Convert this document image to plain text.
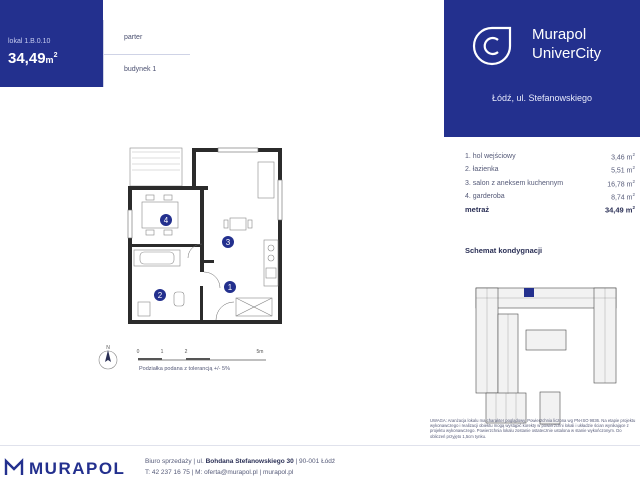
lokal 1.B.0.10
$34,49m^2$
parter
budynek 1
Murapol
UniverCity
Łódź, ul. Stefanowskiego
1. hol wejściowy	3,46 $m^2$
2. łazienka	5,51 $m^2$
3. salon z aneksem kuchennym	16,78 $m^2$
4. garderoba	8,74 $m^2$
metraż	34,49 $m^2$
Schemat kondygnacji
1
2
3
4
N
0	1	2	5m
Podziałka podana z tolerancją +/- 5%
UWAGA: Aranżacja lokalu ma charakter poglądowy. Powierzchnia liczona wg PN-ISO 9836. Na etapie projektu wykonawczego i realizacji obiektu mogą wystąpić korekty w powierzchni lokali i układzie ścian wynikające z projektu wykonawczego. Powierzchnia lokalu zostanie ostatecznie ustalona w stanie wykończonym. Do obliczeń przyjęto 1,5cm tynku.
MURAPOL	Biuro sprzedaży | ul. Bohdana Stefanowskiego 30 | 90-001 Łódź
T: 42 237 16 75 | M: oferta@murapol.pl | murapol.pl
